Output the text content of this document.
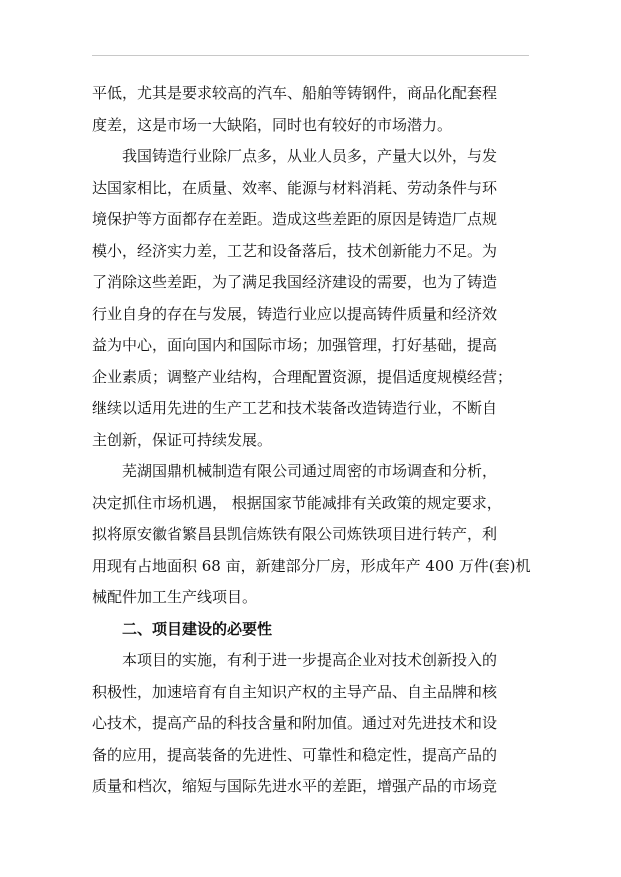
平低，尤其是要求较高的汽车、船舶等铸钢件，商品化配套程
度差，这是市场一大缺陷，同时也有较好的市场潜力。
我国铸造行业除厂点多，从业人员多，产量大以外，与发
达国家相比，在质量、效率、能源与材料消耗、劳动条件与环
境保护等方面都存在差距。造成这些差距的原因是铸造厂点规
模小，经济实力差，工艺和设备落后，技术创新能力不足。为
了消除这些差距，为了满足我国经济建设的需要，也为了铸造
行业自身的存在与发展，铸造行业应以提高铸件质量和经济效
益为中心，面向国内和国际市场；加强管理，打好基础，提高
企业素质；调整产业结构，合理配置资源，提倡适度规模经营；
继续以适用先进的生产工艺和技术装备改造铸造行业，不断自
主创新，保证可持续发展。
芜湖国鼎机械制造有限公司通过周密的市场调查和分析，
决定抓住市场机遇， 根据国家节能减排有关政策的规定要求，
拟将原安徽省繁昌县凯信炼铁有限公司炼铁项目进行转产，利
用现有占地面积 68 亩，新建部分厂房，形成年产 400 万件(套)机
械配件加工生产线项目。
二、项目建设的必要性
本项目的实施，有利于进一步提高企业对技术创新投入的
积极性，加速培育有自主知识产权的主导产品、自主品牌和核
心技术，提高产品的科技含量和附加值。通过对先进技术和设
备的应用，提高装备的先进性、可靠性和稳定性，提高产品的
质量和档次，缩短与国际先进水平的差距，增强产品的市场竞
